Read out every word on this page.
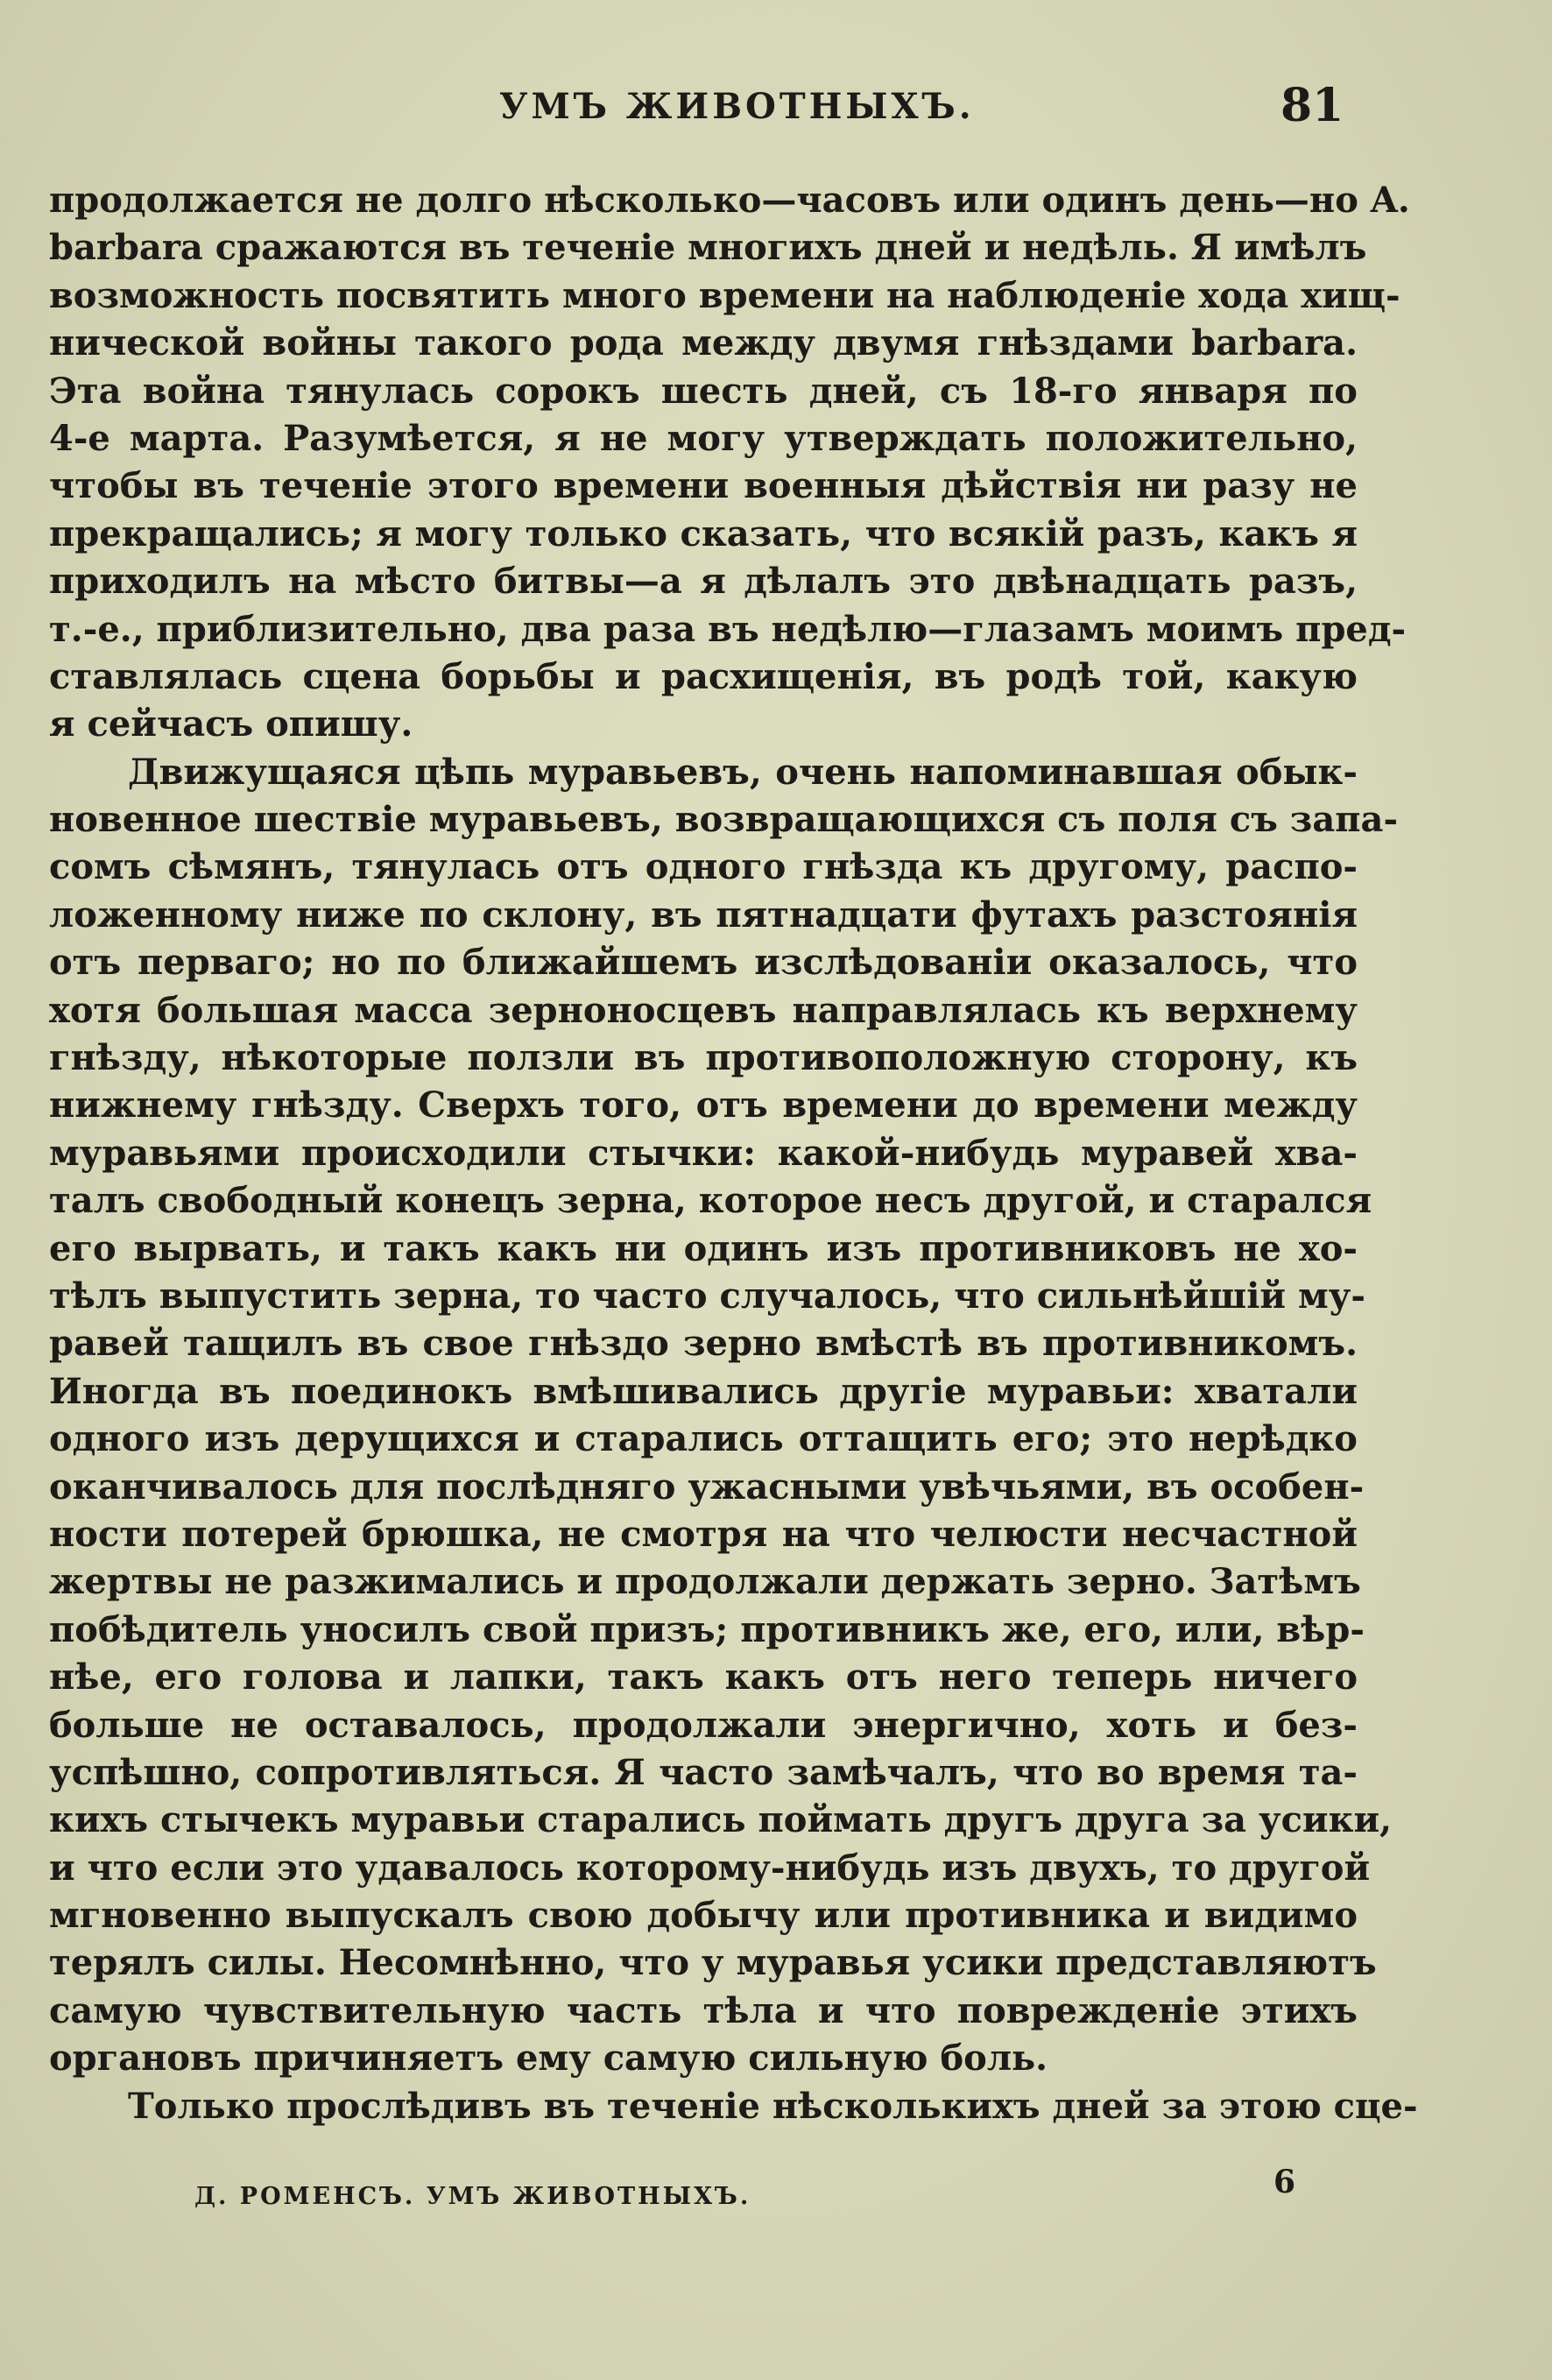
УМЪ ЖИВОТНЫХЪ.	81
продолжается не долго нѣсколько—часовъ или одинъ день—но A.
barbara сражаются въ теченіе многихъ дней и недѣль. Я имѣлъ
возможность посвятить много времени на наблюденіе хода хищ-
нической войны такого рода между двумя гнѣздами barbara.
Эта война тянулась сорокъ шесть дней, съ 18-го января по
4-е марта. Разумѣется, я не могу утверждать положительно,
чтобы въ теченіе этого времени военныя дѣйствія ни разу не
прекращались; я могу только сказать, что всякій разъ, какъ я
приходилъ на мѣсто битвы—а я дѣлалъ это двѣнадцать разъ,
т.-е., приблизительно, два раза въ недѣлю—глазамъ моимъ пред-
ставлялась сцена борьбы и расхищенія, въ родѣ той, какую
я сейчасъ опишу.
Движущаяся цѣпь муравьевъ, очень напоминавшая обык-
новенное шествіе муравьевъ, возвращающихся съ поля съ запа-
сомъ сѣмянъ, тянулась отъ одного гнѣзда къ другому, распо-
ложенному ниже по склону, въ пятнадцати футахъ разстоянія
отъ перваго; но по ближайшемъ изслѣдованіи оказалось, что
хотя большая масса зерноносцевъ направлялась къ верхнему
гнѣзду, нѣкоторые ползли въ противоположную сторону, къ
нижнему гнѣзду. Сверхъ того, отъ времени до времени между
муравьями происходили стычки: какой-нибудь муравей хва-
талъ свободный конецъ зерна, которое несъ другой, и старался
его вырвать, и такъ какъ ни одинъ изъ противниковъ не хо-
тѣлъ выпустить зерна, то часто случалось, что сильнѣйшій му-
равей тащилъ въ свое гнѣздо зерно вмѣстѣ въ противникомъ.
Иногда въ поединокъ вмѣшивались другіе муравьи: хватали
одного изъ дерущихся и старались оттащить его; это нерѣдко
оканчивалось для послѣдняго ужасными увѣчьями, въ особен-
ности потерей брюшка, не смотря на что челюсти несчастной
жертвы не разжимались и продолжали держать зерно. Затѣмъ
побѣдитель уносилъ свой призъ; противникъ же, его, или, вѣр-
нѣе, его голова и лапки, такъ какъ отъ него теперь ничего
больше не оставалось, продолжали энергично, хоть и без-
успѣшно, сопротивляться. Я часто замѣчалъ, что во время та-
кихъ стычекъ муравьи старались поймать другъ друга за усики,
и что если это удавалось которому-нибудь изъ двухъ, то другой
мгновенно выпускалъ свою добычу или противника и видимо
терялъ силы. Несомнѣнно, что у муравья усики представляютъ
самую чувствительную часть тѣла и что повреждeніе этихъ
органовъ причиняетъ ему самую сильную боль.
Только прослѣдивъ въ теченіе нѣсколькихъ дней за этою сце-
Д. РОМЕНСЪ. УМЪ ЖИВОТНЫХЪ.	6
